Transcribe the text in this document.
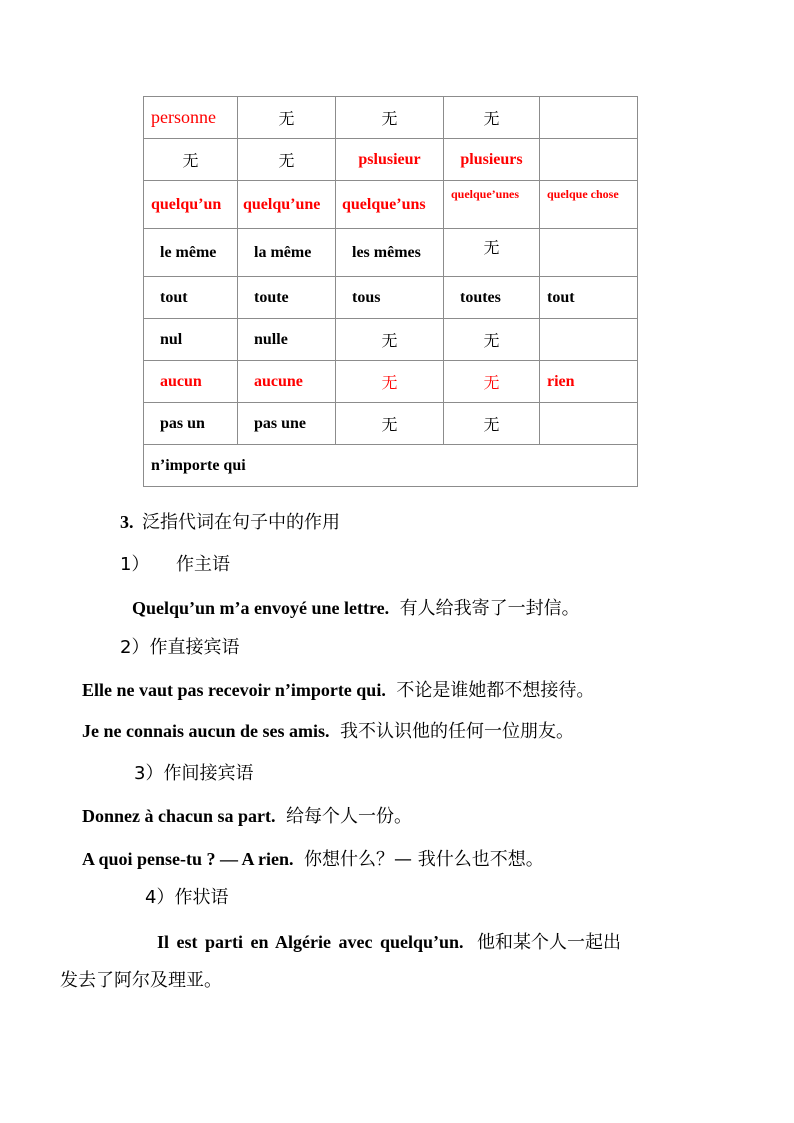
personne	无	无	无	
无	无	pslusieur	plusieurs	
quelqu’un	quelqu’une	quelque’uns	quelque’unes	quelque chose
le même	la même	les mêmes	无	
tout	toute	tous	toutes	tout
nul	nulle	无	无	
aucun	aucune	无	无	rien
pas un	pas une	无	无	
n’importe qui				
3. 泛指代词在句子中的作用
1） 作主语
Quelqu’un m’a envoyé une lettre. 有人给我寄了一封信。
2）作直接宾语
Elle ne vaut pas recevoir n’importe qui. 不论是谁她都不想接待。
Je ne connais aucun de ses amis. 我不认识他的任何一位朋友。
3）作间接宾语
Donnez à chacun sa part. 给每个人一份。
A quoi pense-tu ? — A rien. 你想什么？— 我什么也不想。
4）作状语
Il est parti en Algérie avec quelqu’un. 他和某个人一起出
发去了阿尔及理亚。
